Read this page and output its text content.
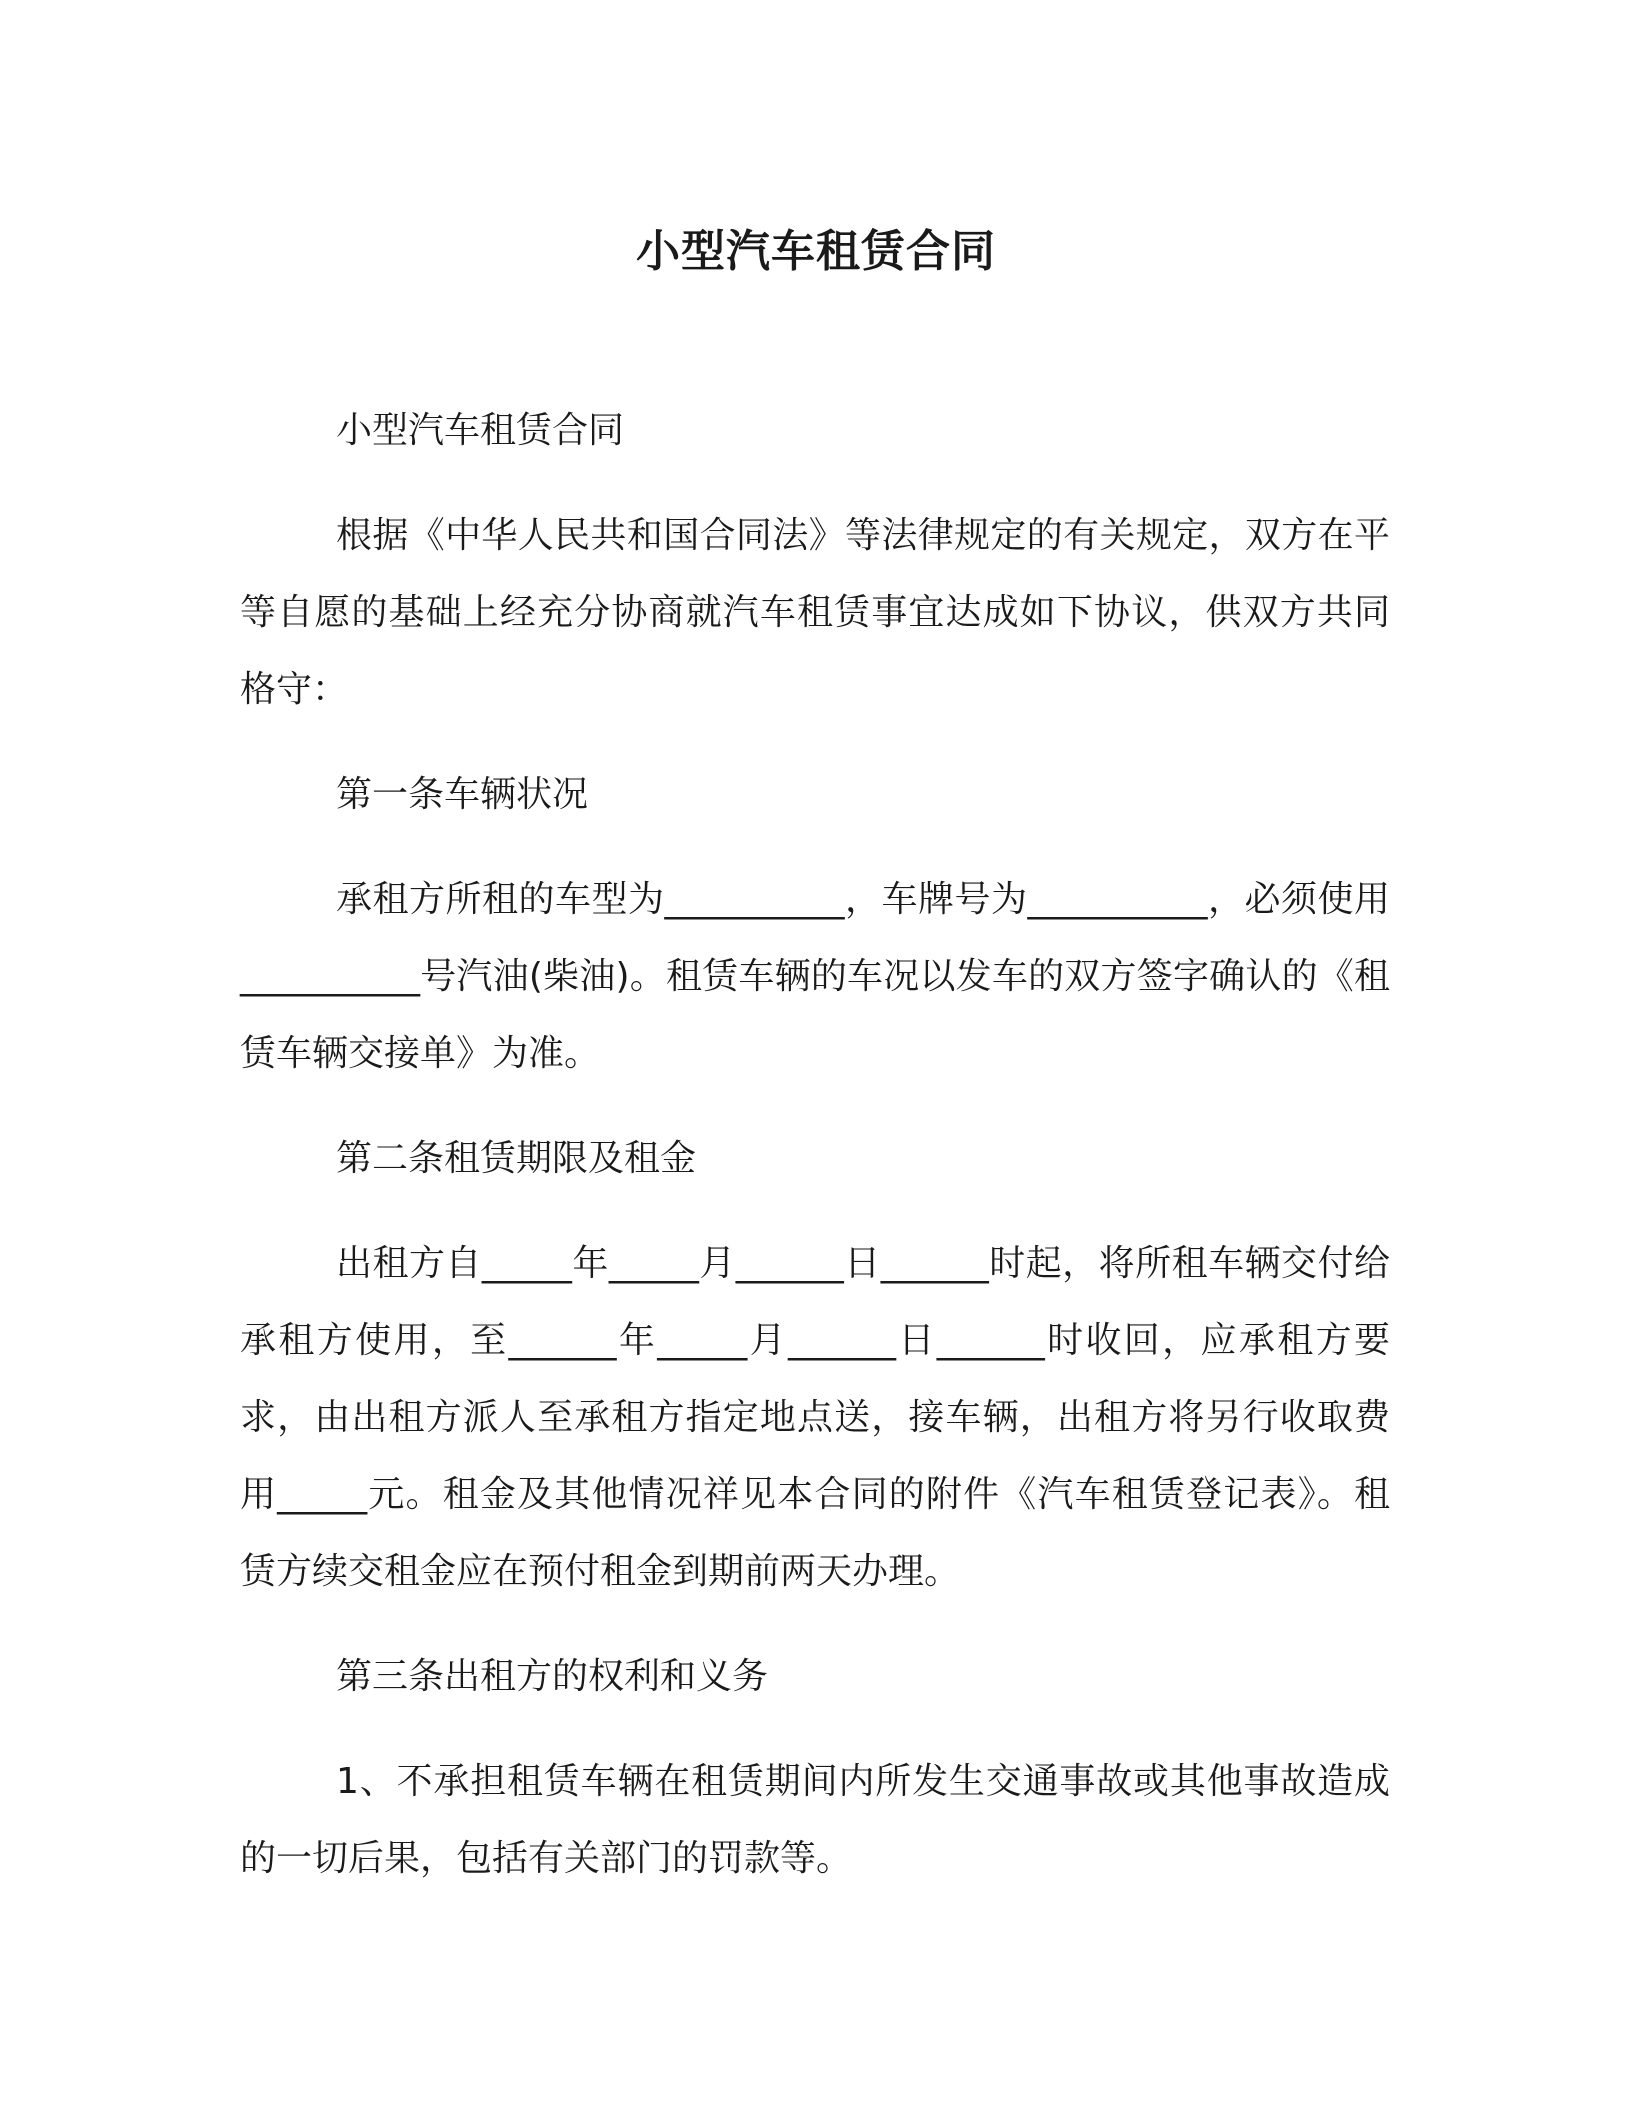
小型汽车租赁合同

小型汽车租赁合同

根据《中华人民共和国合同法》等法律规定的有关规定，双方在平等自愿的基础上经充分协商就汽车租赁事宜达成如下协议，供双方共同格守：

第一条车辆状况

承租方所租的车型为__________，车牌号为__________，必须使用__________号汽油(柴油)。租赁车辆的车况以发车的双方签字确认的《租赁车辆交接单》为准。

第二条租赁期限及租金

出租方自_____年_____月______日______时起，将所租车辆交付给承租方使用，至______年_____月______日______时收回，应承租方要求，由出租方派人至承租方指定地点送，接车辆，出租方将另行收取费用_____元。租金及其他情况祥见本合同的附件《汽车租赁登记表》。租赁方续交租金应在预付租金到期前两天办理。

第三条出租方的权利和义务

1、不承担租赁车辆在租赁期间内所发生交通事故或其他事故造成的一切后果，包括有关部门的罚款等。
